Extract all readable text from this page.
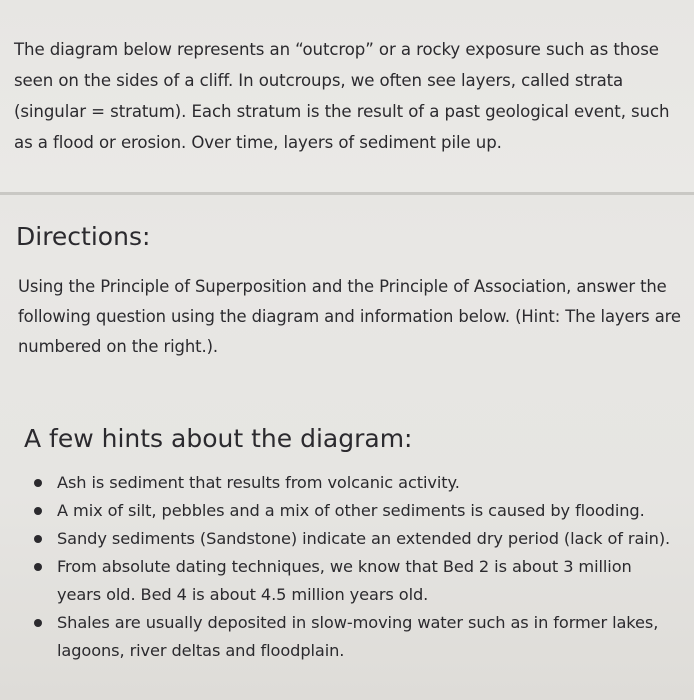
The diagram below represents an “outcrop” or a rocky exposure such as those seen on the sides of a cliff. In outcroups, we often see layers, called strata (singular = stratum). Each stratum is the result of a past geological event, such as a flood or erosion. Over time, layers of sediment pile up.

Directions:

Using the Principle of Superposition and the Principle of Association, answer the following question using the diagram and information below. (Hint: The layers are numbered on the right.).

A few hints about the diagram:
Ash is sediment that results from volcanic activity.
A mix of silt, pebbles and a mix of other sediments is caused by flooding.
Sandy sediments (Sandstone) indicate an extended dry period (lack of rain).
From absolute dating techniques, we know that Bed 2 is about 3 million years old. Bed 4 is about 4.5 million years old.
Shales are usually deposited in slow-moving water such as in former lakes, lagoons, river deltas and floodplain.
